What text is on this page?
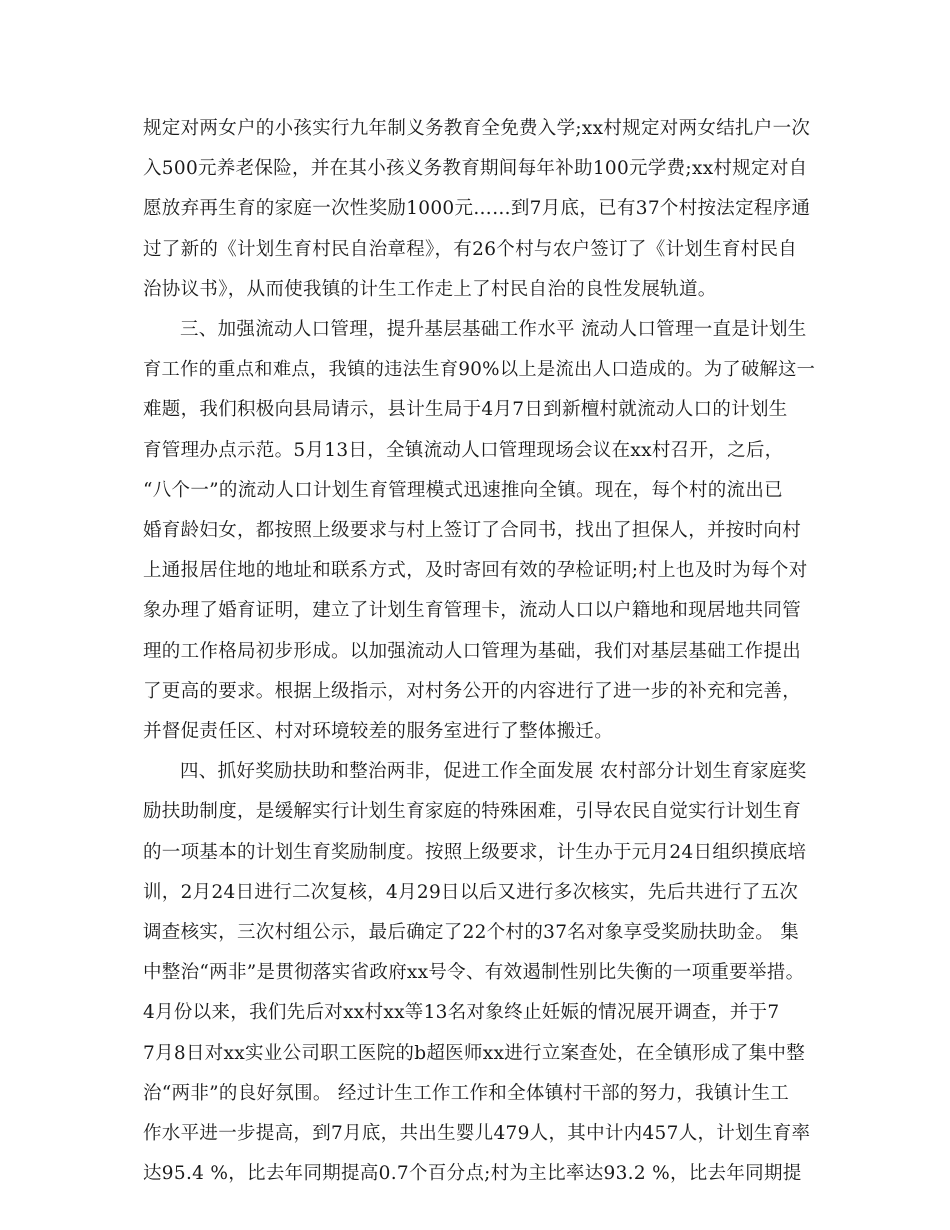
规定对两女户的小孩实行九年制义务教育全免费入学;xx村规定对两女结扎户一次
入500元养老保险，并在其小孩义务教育期间每年补助100元学费;xx村规定对自
愿放弃再生育的家庭一次性奖励1000元……到7月底，已有37个村按法定程序通
过了新的《计划生育村民自治章程》，有26个村与农户签订了《计划生育村民自
治协议书》，从而使我镇的计生工作走上了村民自治的良性发展轨道。
三、加强流动人口管理，提升基层基础工作水平 流动人口管理一直是计划生
育工作的重点和难点，我镇的违法生育90%以上是流出人口造成的。为了破解这一
难题，我们积极向县局请示，县计生局于4月7日到新檀村就流动人口的计划生
育管理办点示范。5月13日，全镇流动人口管理现场会议在xx村召开，之后，
“八个一”的流动人口计划生育管理模式迅速推向全镇。现在，每个村的流出已
婚育龄妇女，都按照上级要求与村上签订了合同书，找出了担保人，并按时向村
上通报居住地的地址和联系方式，及时寄回有效的孕检证明;村上也及时为每个对
象办理了婚育证明，建立了计划生育管理卡，流动人口以户籍地和现居地共同管
理的工作格局初步形成。以加强流动人口管理为基础，我们对基层基础工作提出
了更高的要求。根据上级指示，对村务公开的内容进行了进一步的补充和完善，
并督促责任区、村对环境较差的服务室进行了整体搬迁。
四、抓好奖励扶助和整治两非，促进工作全面发展 农村部分计划生育家庭奖
励扶助制度，是缓解实行计划生育家庭的特殊困难，引导农民自觉实行计划生育
的一项基本的计划生育奖励制度。按照上级要求，计生办于元月24日组织摸底培
训，2月24日进行二次复核，4月29日以后又进行多次核实，先后共进行了五次
调查核实，三次村组公示，最后确定了22个村的37名对象享受奖励扶助金。 集
中整治“两非”是贯彻落实省政府xx号令、有效遏制性别比失衡的一项重要举措。
4月份以来，我们先后对xx村xx等13名对象终止妊娠的情况展开调查，并于7
7月8日对xx实业公司职工医院的b超医师xx进行立案查处，在全镇形成了集中整
治“两非”的良好氛围。 经过计生工作工作和全体镇村干部的努力，我镇计生工
作水平进一步提高，到7月底，共出生婴儿479人，其中计内457人，计划生育率
达95.4 %，比去年同期提高0.7个百分点;村为主比率达93.2 %，比去年同期提
